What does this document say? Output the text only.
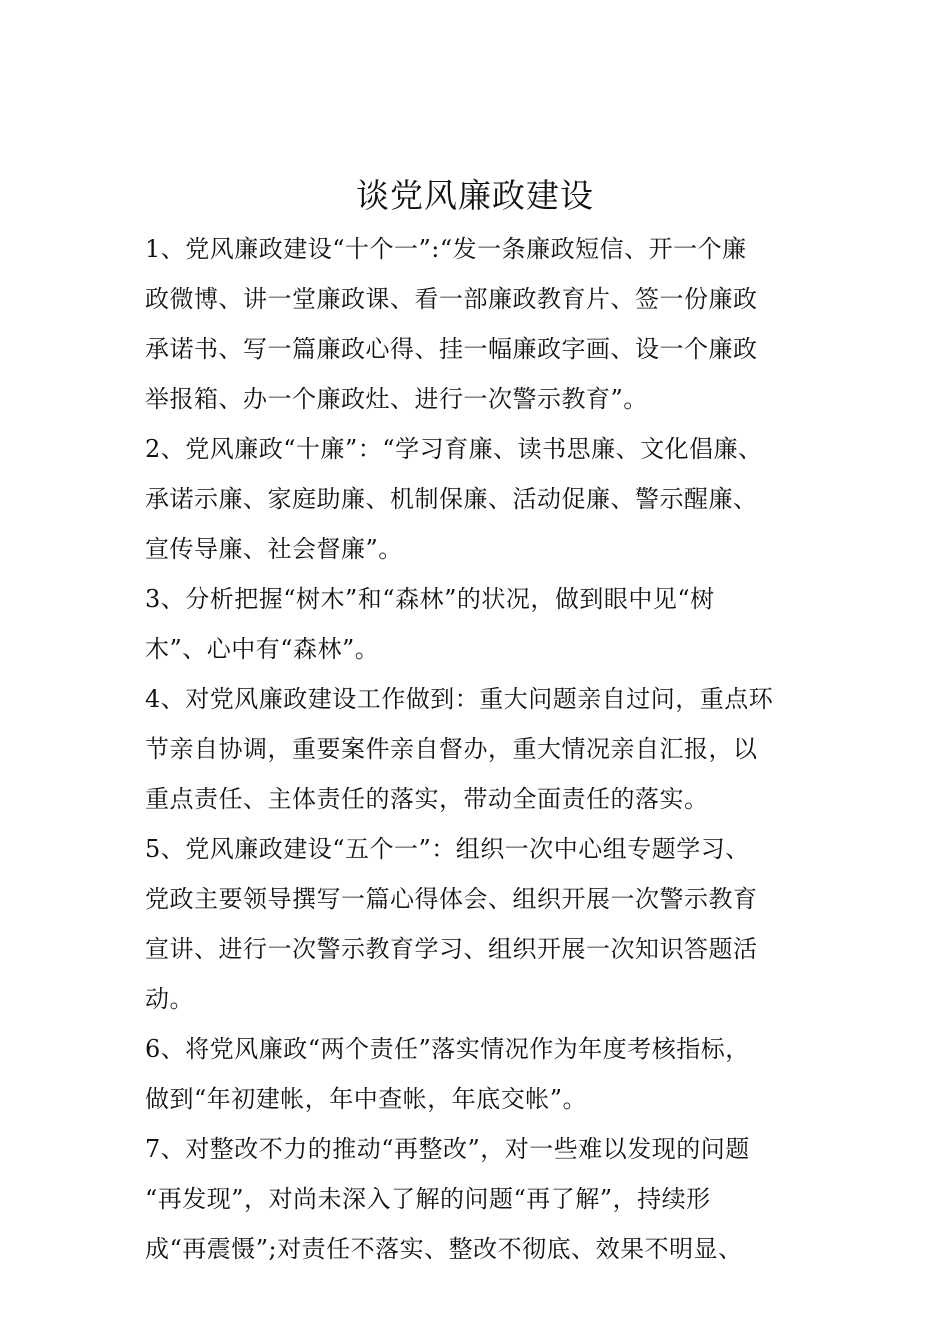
谈党风廉政建设
1、党风廉政建设“十个一”:“发一条廉政短信、开一个廉
政微博、讲一堂廉政课、看一部廉政教育片、签一份廉政
承诺书、写一篇廉政心得、挂一幅廉政字画、设一个廉政
举报箱、办一个廉政灶、进行一次警示教育”。
2、党风廉政“十廉”：“学习育廉、读书思廉、文化倡廉、
承诺示廉、家庭助廉、机制保廉、活动促廉、警示醒廉、
宣传导廉、社会督廉”。
3、分析把握“树木”和“森林”的状况，做到眼中见“树
木”、心中有“森林”。
4、对党风廉政建设工作做到：重大问题亲自过问，重点环
节亲自协调，重要案件亲自督办，重大情况亲自汇报，以
重点责任、主体责任的落实，带动全面责任的落实。
5、党风廉政建设“五个一”：组织一次中心组专题学习、
党政主要领导撰写一篇心得体会、组织开展一次警示教育
宣讲、进行一次警示教育学习、组织开展一次知识答题活
动。
6、将党风廉政“两个责任”落实情况作为年度考核指标，
做到“年初建帐，年中查帐，年底交帐”。
7、对整改不力的推动“再整改”，对一些难以发现的问题
“再发现”，对尚未深入了解的问题“再了解”，持续形
成“再震慑”;对责任不落实、整改不彻底、效果不明显、
